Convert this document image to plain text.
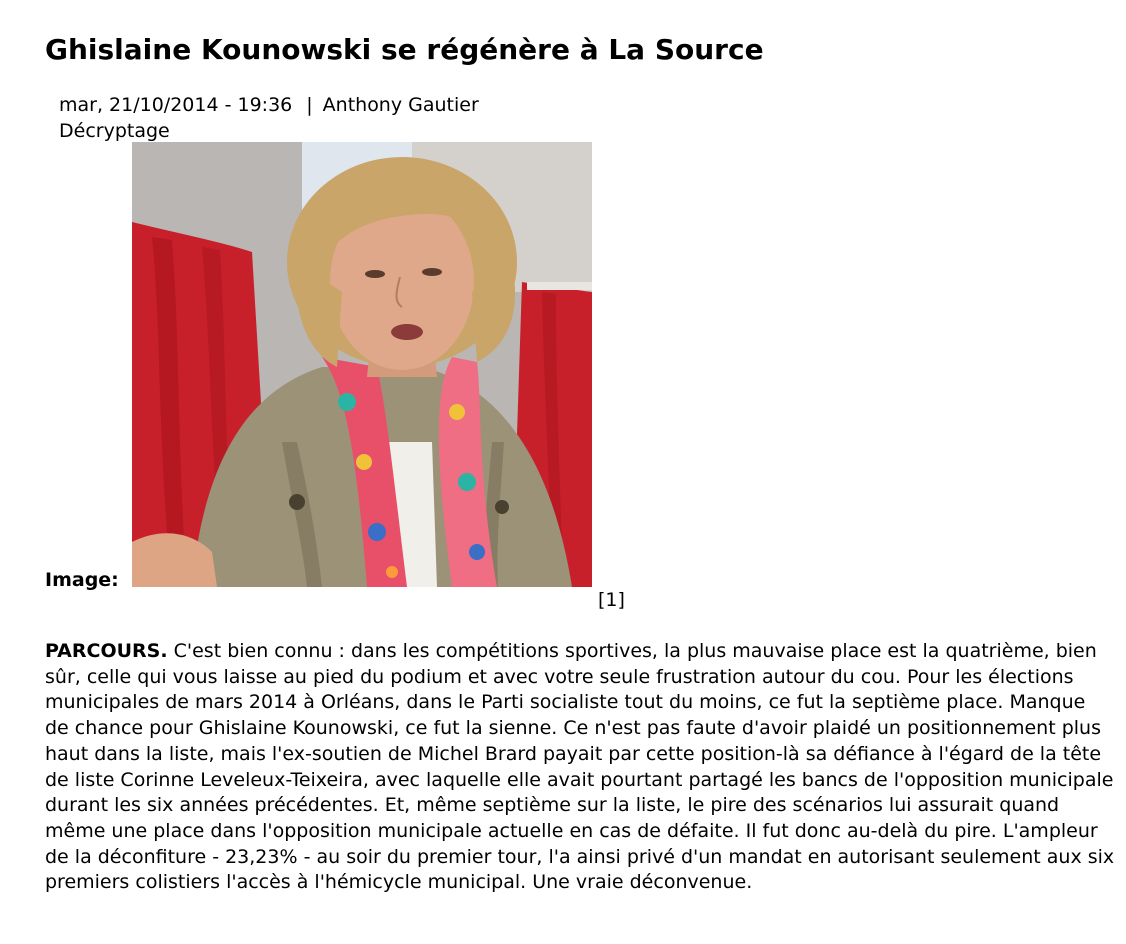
Ghislaine Kounowski se régénère à La Source
mar, 21/10/2014 - 19:36 | Anthony Gautier
Décryptage
Image:
[1]

PARCOURS. C'est bien connu : dans les compétitions sportives, la plus mauvaise place est la quatrième, bien sûr, celle qui vous laisse au pied du podium et avec votre seule frustration autour du cou. Pour les élections municipales de mars 2014 à Orléans, dans le Parti socialiste tout du moins, ce fut la septième place. Manque de chance pour Ghislaine Kounowski, ce fut la sienne. Ce n'est pas faute d'avoir plaidé un positionnement plus haut dans la liste, mais l'ex-soutien de Michel Brard payait par cette position-là sa défiance à l'égard de la tête de liste Corinne Leveleux-Teixeira, avec laquelle elle avait pourtant partagé les bancs de l'opposition municipale durant les six années précédentes. Et, même septième sur la liste, le pire des scénarios lui assurait quand même une place dans l'opposition municipale actuelle en cas de défaite. Il fut donc au-delà du pire. L'ampleur de la déconfiture - 23,23% - au soir du premier tour, l'a ainsi privé d'un mandat en autorisant seulement aux six premiers colistiers l'accès à l'hémicycle municipal. Une vraie déconvenue.
